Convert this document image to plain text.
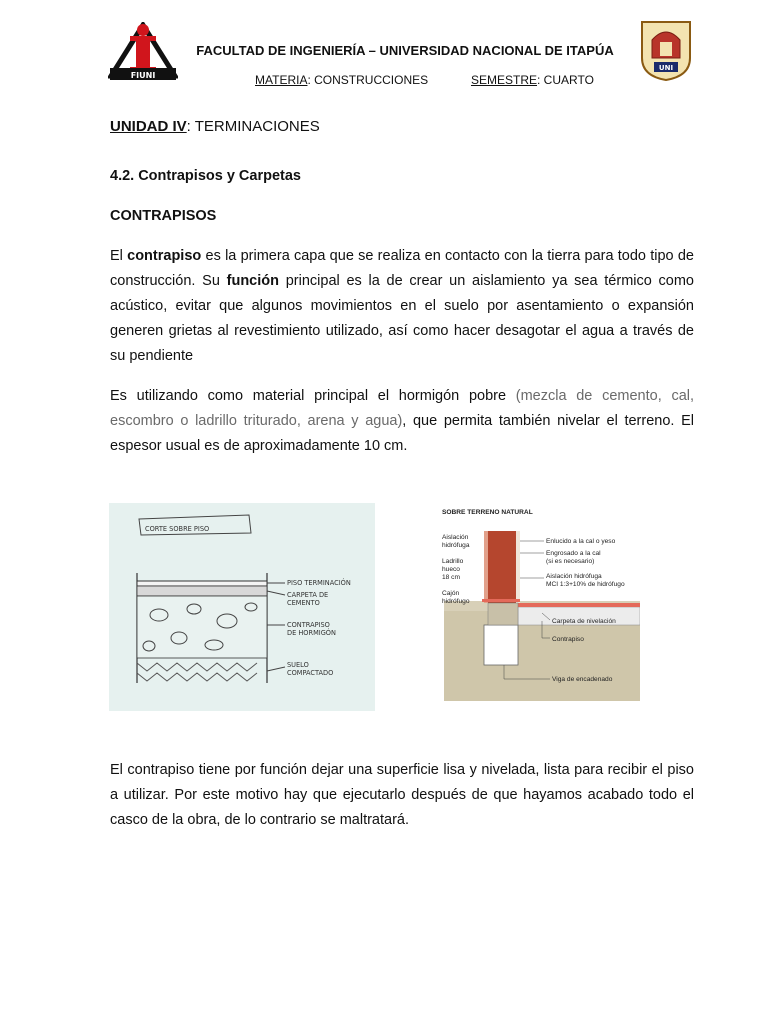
FIUNI
FACULTAD DE INGENIERÍA – UNIVERSIDAD NACIONAL DE ITAPÚA
MATERIA: CONSTRUCCIONES	SEMESTRE: CUARTO
UNI
UNIDAD IV: TERMINACIONES
4.2. Contrapisos y Carpetas
CONTRAPISOS
El contrapiso es la primera capa que se realiza en contacto con la tierra para todo tipo de construcción. Su función principal es la de crear un aislamiento ya sea térmico como acústico, evitar que algunos movimientos en el suelo por asentamiento o expansión generen grietas al revestimiento utilizado, así como hacer desagotar el agua a través de su pendiente
Es utilizando como material principal el hormigón pobre (mezcla de cemento, cal, escombro o ladrillo triturado, arena y agua), que permita también nivelar el terreno. El espesor usual es de aproximadamente 10 cm.
CORTE SOBRE PISO
PISO TERMINACIÓN
CARPETA DE
CEMENTO
CONTRAPISO
DE HORMIGÓN
SUELO
COMPACTADO
SOBRE TERRENO NATURAL
Aislación
hidrófuga
Ladrillo
hueco
18 cm
Cajón
hidrófugo
Enlucido a la cal o yeso
Engrosado a la cal
(si es necesario)
Aislación hidrófuga
MCI 1:3+10% de hidrófugo
Carpeta de nivelación
Contrapiso
Viga de encadenado
El contrapiso tiene por función dejar una superficie lisa y nivelada, lista para recibir el piso a utilizar. Por este motivo hay que ejecutarlo después de que hayamos acabado todo el casco de la obra, de lo contrario se maltratará.
